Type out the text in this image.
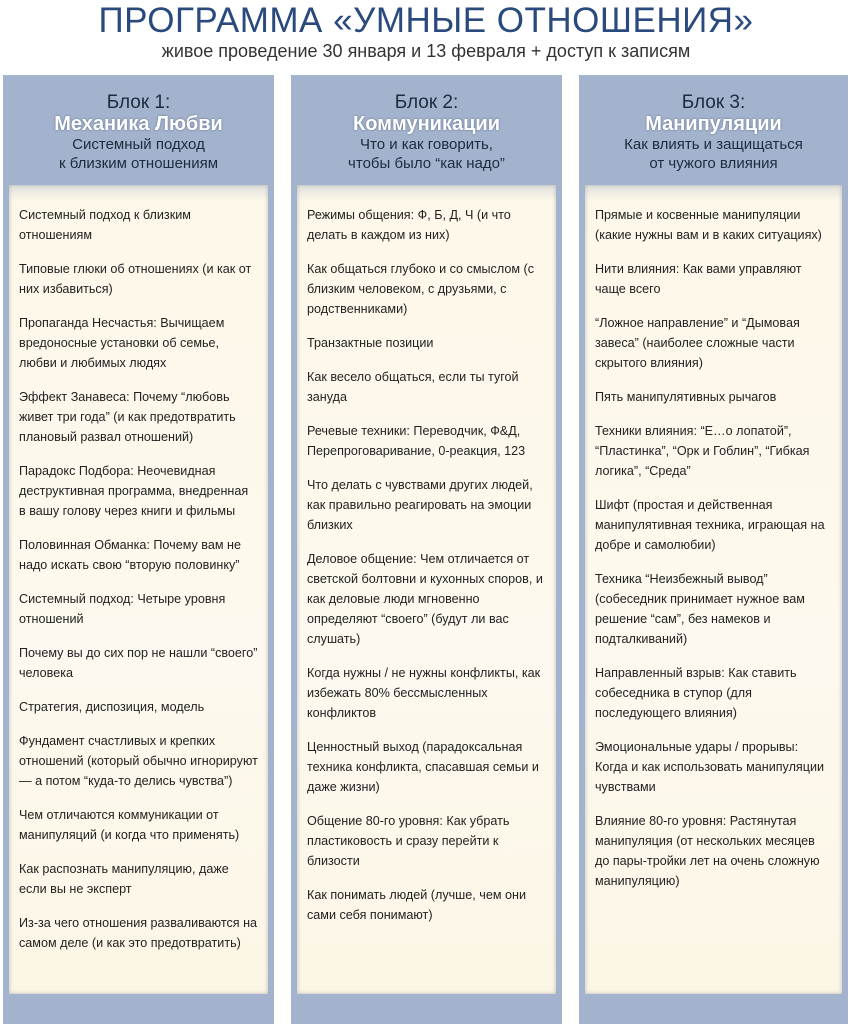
ПРОГРАММА «УМНЫЕ ОТНОШЕНИЯ»

живое проведение 30 января и 13 февраля + доступ к записям

Блок 1:
Механика Любви
Системный подход
к близким отношениям
Системный подход к близким отношениям
Типовые глюки об отношениях (и как от них избавиться)
Пропаганда Несчастья: Вычищаем вредоносные установки об семье, любви и любимых людях
Эффект Занавеса: Почему “любовь живет три года” (и как предотвратить плановый развал отношений)
Парадокс Подбора: Неочевидная деструктивная программа, внедренная в вашу голову через книги и фильмы
Половинная Обманка: Почему вам не надо искать свою “вторую половинку”
Системный подход: Четыре уровня отношений
Почему вы до сих пор не нашли “своего” человека
Стратегия, диспозиция, модель
Фундамент счастливых и крепких отношений (который обычно игнорируют — а потом “куда-то делись чувства”)
Чем отличаются коммуникации от манипуляций (и когда что применять)
Как распознать манипуляцию, даже если вы не эксперт
Из-за чего отношения разваливаются на самом деле (и как это предотвратить)
Блок 2:
Коммуникации
Что и как говорить,
чтобы было “как надо”
Режимы общения: Ф, Б, Д, Ч (и что делать в каждом из них)
Как общаться глубоко и со смыслом (с близким человеком, с друзьями, с родственниками)
Транзактные позиции
Как весело общаться, если ты тугой зануда
Речевые техники: Переводчик, Ф&Д, Перепроговаривание, 0-реакция, 123
Что делать с чувствами других людей, как правильно реагировать на эмоции близких
Деловое общение: Чем отличается от светской болтовни и кухонных споров, и как деловые люди мгновенно определяют “своего” (будут ли вас слушать)
Когда нужны / не нужны конфликты, как избежать 80% бессмысленных конфликтов
Ценностный выход (парадоксальная техника конфликта, спасавшая семьи и даже жизни)
Общение 80-го уровня: Как убрать пластиковость и сразу перейти к близости
Как понимать людей (лучше, чем они сами себя понимают)
Блок 3:
Манипуляции
Как влиять и защищаться
от чужого влияния
Прямые и косвенные манипуляции (какие нужны вам и в каких ситуациях)
Нити влияния: Как вами управляют чаще всего
“Ложное направление” и “Дымовая завеса” (наиболее сложные части скрытого влияния)
Пять манипулятивных рычагов
Техники влияния: “Е…о лопатой”, “Пластинка”, “Орк и Гоблин”, “Гибкая логика”, “Среда”
Шифт (простая и действенная манипулятивная техника, играющая на добре и самолюбии)
Техника “Неизбежный вывод” (собеседник принимает нужное вам решение “сам”, без намеков и подталкиваний)
Направленный взрыв: Как ставить собеседника в ступор (для последующего влияния)
Эмоциональные удары / прорывы: Когда и как использовать манипуляции чувствами
Влияние 80-го уровня: Растянутая манипуляция (от нескольких месяцев до пары-тройки лет на очень сложную манипуляцию)
